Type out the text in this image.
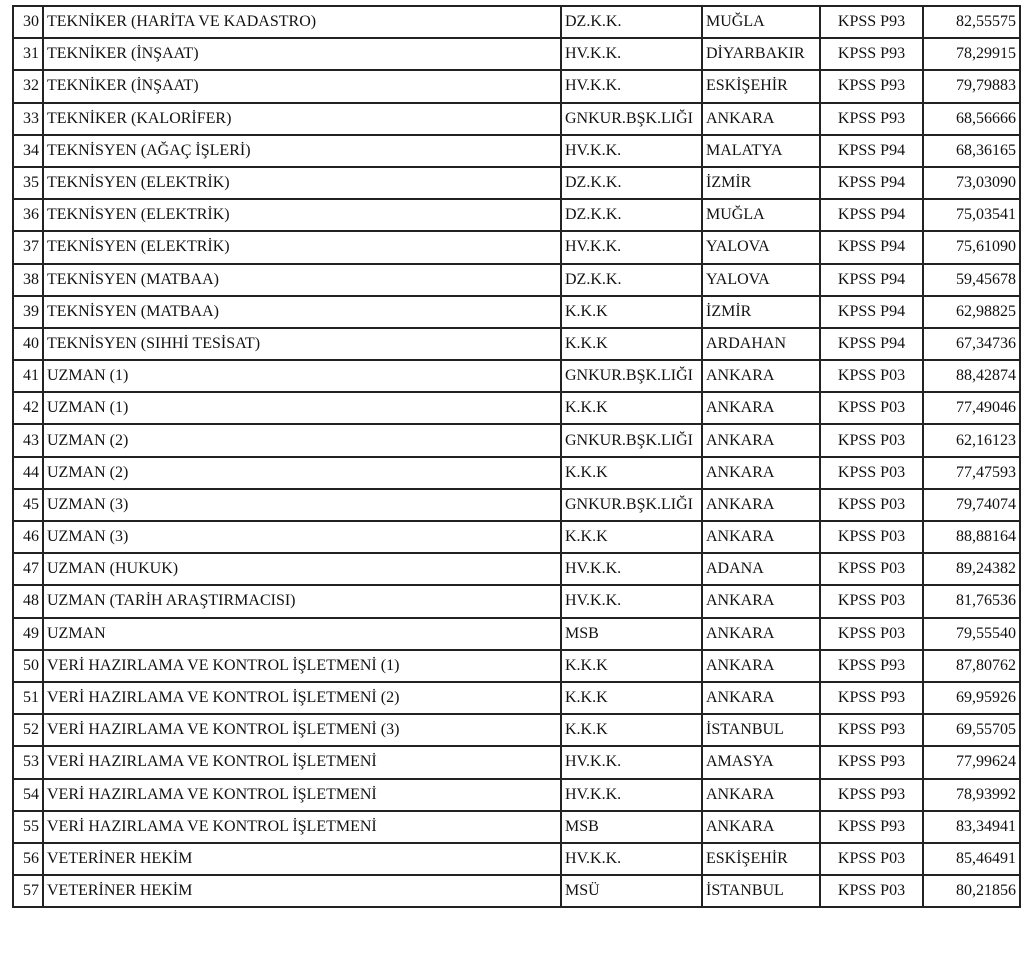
30	TEKNİKER (HARİTA VE KADASTRO)	DZ.K.K.	MUĞLA	KPSS P93	82,55575
31	TEKNİKER (İNŞAAT)	HV.K.K.	DİYARBAKIR	KPSS P93	78,29915
32	TEKNİKER (İNŞAAT)	HV.K.K.	ESKİŞEHİR	KPSS P93	79,79883
33	TEKNİKER (KALORİFER)	GNKUR.BŞK.LIĞI	ANKARA	KPSS P93	68,56666
34	TEKNİSYEN (AĞAÇ İŞLERİ)	HV.K.K.	MALATYA	KPSS P94	68,36165
35	TEKNİSYEN (ELEKTRİK)	DZ.K.K.	İZMİR	KPSS P94	73,03090
36	TEKNİSYEN (ELEKTRİK)	DZ.K.K.	MUĞLA	KPSS P94	75,03541
37	TEKNİSYEN (ELEKTRİK)	HV.K.K.	YALOVA	KPSS P94	75,61090
38	TEKNİSYEN (MATBAA)	DZ.K.K.	YALOVA	KPSS P94	59,45678
39	TEKNİSYEN (MATBAA)	K.K.K	İZMİR	KPSS P94	62,98825
40	TEKNİSYEN (SIHHİ TESİSAT)	K.K.K	ARDAHAN	KPSS P94	67,34736
41	UZMAN (1)	GNKUR.BŞK.LIĞI	ANKARA	KPSS P03	88,42874
42	UZMAN (1)	K.K.K	ANKARA	KPSS P03	77,49046
43	UZMAN (2)	GNKUR.BŞK.LIĞI	ANKARA	KPSS P03	62,16123
44	UZMAN (2)	K.K.K	ANKARA	KPSS P03	77,47593
45	UZMAN (3)	GNKUR.BŞK.LIĞI	ANKARA	KPSS P03	79,74074
46	UZMAN (3)	K.K.K	ANKARA	KPSS P03	88,88164
47	UZMAN (HUKUK)	HV.K.K.	ADANA	KPSS P03	89,24382
48	UZMAN (TARİH ARAŞTIRMACISI)	HV.K.K.	ANKARA	KPSS P03	81,76536
49	UZMAN	MSB	ANKARA	KPSS P03	79,55540
50	VERİ HAZIRLAMA VE KONTROL İŞLETMENİ (1)	K.K.K	ANKARA	KPSS P93	87,80762
51	VERİ HAZIRLAMA VE KONTROL İŞLETMENİ (2)	K.K.K	ANKARA	KPSS P93	69,95926
52	VERİ HAZIRLAMA VE KONTROL İŞLETMENİ (3)	K.K.K	İSTANBUL	KPSS P93	69,55705
53	VERİ HAZIRLAMA VE KONTROL İŞLETMENİ	HV.K.K.	AMASYA	KPSS P93	77,99624
54	VERİ HAZIRLAMA VE KONTROL İŞLETMENİ	HV.K.K.	ANKARA	KPSS P93	78,93992
55	VERİ HAZIRLAMA VE KONTROL İŞLETMENİ	MSB	ANKARA	KPSS P93	83,34941
56	VETERİNER HEKİM	HV.K.K.	ESKİŞEHİR	KPSS P03	85,46491
57	VETERİNER HEKİM	MSÜ	İSTANBUL	KPSS P03	80,21856
